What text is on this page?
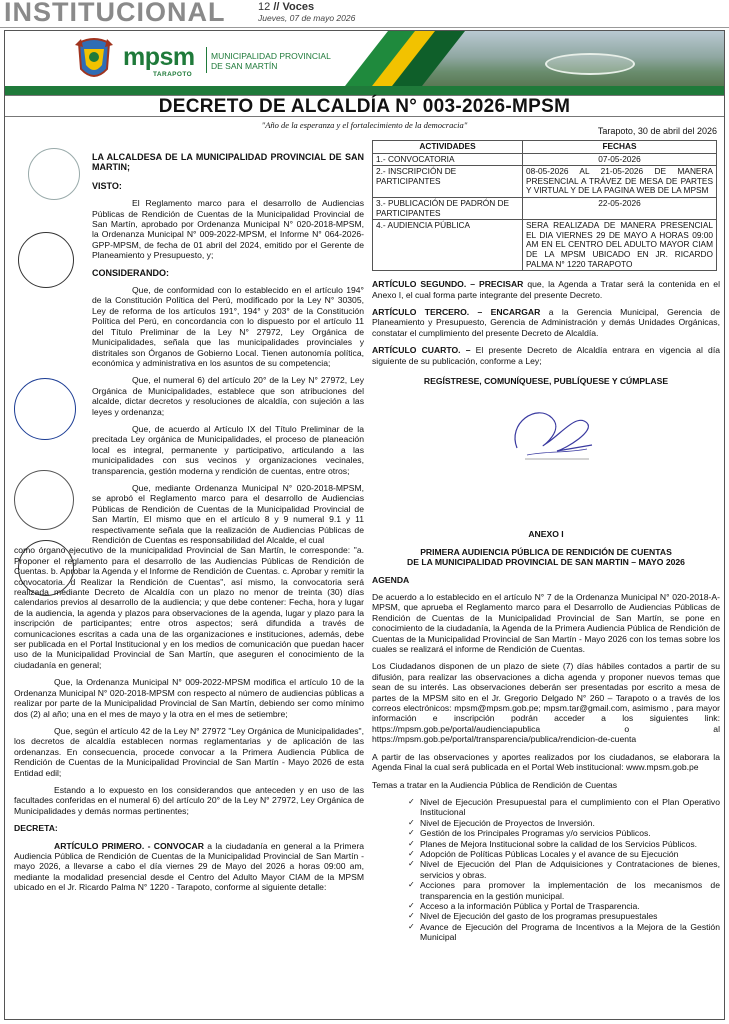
INSTITUCIONAL	12 // Voces
Jueves, 07 de mayo 2026
mpsm
TARAPOTO
MUNICIPALIDAD PROVINCIAL
DE SAN MARTÍN
DECRETO DE ALCALDÍA N° 003-2026-MPSM
"Año de la esperanza y el fortalecimiento de la democracia"
Tarapoto, 30 de abril del 2026

LA ALCALDESA DE LA MUNICIPALIDAD PROVINCIAL DE SAN MARTIN;

VISTO:

El Reglamento marco para el desarrollo de Audiencias Públicas de Rendición de Cuentas de la Municipalidad Provincial de San Martín, aprobado por Ordenanza Municipal N° 020-2018-MPSM, la Ordenanza Municipal N° 009-2022-MPSM, el Informe N° 064-2026-GPP-MPSM, de fecha de 01 abril del 2024, emitido por el Gerente de Planeamiento y Presupuesto, y;

CONSIDERANDO:

Que, de conformidad con lo establecido en el artículo 194° de la Constitución Política del Perú, modificado por la Ley N° 30305, Ley de reforma de los artículos 191°, 194° y 203° de la Constitución Política del Perú, en concordancia con lo dispuesto por el artículo 11 del Título Preliminar de la Ley N° 27972, Ley Orgánica de Municipalidades, señala que las municipalidades provinciales y distritales son Órganos de Gobierno Local. Tienen autonomía política, económica y administrativa en los asuntos de su competencia;

Que, el numeral 6) del artículo 20° de la Ley N° 27972, Ley Orgánica de Municipalidades, establece que son atribuciones del alcalde, dictar decretos y resoluciones de alcaldía, con sujeción a las leyes y ordenanza;

Que, de acuerdo al Artículo IX del Título Preliminar de la precitada Ley orgánica de Municipalidades, el proceso de planeación local es integral, permanente y participativo, articulando a las municipalidades con sus vecinos y organizaciones vecinales, transparencia, gestión moderna y rendición de cuentas, entre otros;

Que, mediante Ordenanza Municipal N° 020-2018-MPSM, se aprobó el Reglamento marco para el desarrollo de Audiencias Públicas de Rendición de Cuentas de la Municipalidad Provincial de San Martín, El mismo que en el artículo 8 y 9 numeral 9.1 y 11 respectivamente señala que la realización de Audiencias Públicas de Rendición de Cuentas es responsabilidad del Alcalde, el cual

como órgano ejecutivo de la municipalidad Provincial de San Martín, le corresponde: "a. Proponer el reglamento para el desarrollo de las Audiencias Públicas de Rendición de Cuentas. b. Aprobar la Agenda y el Informe de Rendición de Cuentas. c. Aprobar y remitir la convocatoria. d Realizar la Rendición de Cuentas", así mismo, la convocatoria será realizada mediante Decreto de Alcaldía con un plazo no menor de treinta (30) días calendarios previos al desarrollo de la audiencia; y que debe contener: Fecha, hora y lugar de la audiencia, la agenda y plazos para observaciones de la agenda, lugar y plazo para la inscripción de participantes; entre otros aspectos; será difundida a través de comunicaciones escritas a cada una de las organizaciones e instituciones, además, debe ser publicada en el Portal Institucional y en los medios de comunicación que puedan hacer uso de la Municipalidad Provincial de San Martín, que aseguren el conocimiento de la ciudadanía en general;

Que, la Ordenanza Municipal N° 009-2022-MPSM modifica el artículo 10 de la Ordenanza Municipal N° 020-2018-MPSM con respecto al número de audiencias públicas a realizar por parte de la Municipalidad Provincial de San Martín, debiendo ser como mínimo dos (2) al año; una en el mes de mayo y la otra en el mes de setiembre;

Que, según el artículo 42 de la Ley N° 27972 "Ley Orgánica de Municipalidades", los decretos de alcaldía establecen normas reglamentarias y de aplicación de las ordenanzas. En consecuencia, procede convocar a la Primera Audiencia Pública de Rendición de Cuentas de la Municipalidad Provincial de San Martín - Mayo 2026 de esta Entidad edil;

Estando a lo expuesto en los considerandos que anteceden y en uso de las facultades conferidas en el numeral 6) del artículo 20° de la Ley N° 27972, Ley Orgánica de Municipalidades y demás normas pertinentes;

DECRETA:

ARTÍCULO PRIMERO. - CONVOCAR a la ciudadanía en general a la Primera Audiencia Pública de Rendición de Cuentas de la Municipalidad Provincial de San Martín - mayo 2026, a llevarse a cabo el día viernes 29 de Mayo del 2026 a horas 09:00 am, mediante la modalidad presencial desde el Centro del Adulto Mayor CIAM de la MPSM ubicado en el Jr. Ricardo Palma N° 1220 - Tarapoto, conforme al siguiente detalle:

ACTIVIDADES	FECHAS
1.- CONVOCATORIA	07-05-2026
2.- INSCRIPCIÓN DE PARTICIPANTES	08-05-2026 AL 21-05-2026 DE MANERA PRESENCIAL A TRÁVEZ DE MESA DE PARTES Y VIRTUAL Y DE LA PAGINA WEB DE LA MPSM
3.- PUBLICACIÓN DE PADRÓN DE PARTICIPANTES	22-05-2026
4.- AUDIENCIA PÚBLICA	SERA REALIZADA DE MANERA PRESENCIAL EL DIA VIERNES 29 DE MAYO A HORAS 09:00 AM EN EL CENTRO DEL ADULTO MAYOR CIAM DE LA MPSM UBICADO EN JR. RICARDO PALMA N° 1220 TARAPOTO

ARTÍCULO SEGUNDO. – PRECISAR que, la Agenda a Tratar será la contenida en el Anexo I, el cual forma parte integrante del presente Decreto.

ARTÍCULO TERCERO. – ENCARGAR a la Gerencia Municipal, Gerencia de Planeamiento y Presupuesto, Gerencia de Administración y demás Unidades Orgánicas, constatar el cumplimiento del presente Decreto de Alcaldía.

ARTÍCULO CUARTO. – El presente Decreto de Alcaldía entrara en vigencia al día siguiente de su publicación, conforme a Ley;

REGÍSTRESE, COMUNÍQUESE, PUBLÍQUESE Y CÚMPLASE

ANEXO I

PRIMERA AUDIENCIA PÚBLICA DE RENDICIÓN DE CUENTAS

DE LA MUNICIPALIDAD PROVINCIAL DE SAN MARTIN – MAYO 2026

AGENDA

De acuerdo a lo establecido en el artículo N° 7 de la Ordenanza Municipal N° 020-2018-A-MPSM, que aprueba el Reglamento marco para el Desarrollo de Audiencias Públicas de Rendición de Cuentas de la Municipalidad Provincial de San Martín, se pone en conocimiento de la ciudadanía, la Agenda de la Primera Audiencia Pública de Rendición de Cuentas de la Municipalidad Provincial de San Martín - Mayo 2026 con los temas sobre los cuales se realizará el informe de Rendición de Cuentas.

Los Ciudadanos disponen de un plazo de siete (7) días hábiles contados a partir de su difusión, para realizar las observaciones a dicha agenda y proponer nuevos temas que sean de su interés. Las observaciones deberán ser presentadas por escrito a mesa de partes de la MPSM sito en el Jr. Gregorio Delgado N° 260 – Tarapoto o a través de los correos electrónicos: mpsm@mpsm.gob.pe; mpsm.tar@gmail.com, asimismo , para mayor información e inscripción podrán acceder a los siguientes link: https://mpsm.gob.pe/portal/audienciapublica o al https://mpsm.gob.pe/portal/transparencia/publica/rendicion-de-cuenta

A partir de las observaciones y aportes realizados por los ciudadanos, se elaborara la Agenda Final la cual será publicada en el Portal Web institucional: www.mpsm.gob.pe

Temas a tratar en la Audiencia Pública de Rendición de Cuentas

✓ Nivel de Ejecución Presupuestal para el cumplimiento con el Plan Operativo Institucional
✓ Nivel de Ejecución de Proyectos de Inversión.
✓ Gestión de los Principales Programas y/o servicios Públicos.
✓ Planes de Mejora Institucional sobre la calidad de los Servicios Públicos.
✓ Adopción de Políticas Públicas Locales y el avance de su Ejecución
✓ Nivel de Ejecución del Plan de Adquisiciones y Contrataciones de bienes, servicios y obras.
✓ Acciones para promover la implementación de los mecanismos de transparencia en la gestión municipal.
✓ Acceso a la información Pública y Portal de Trasparencia.
✓ Nivel de Ejecución del gasto de los programas presupuestales
✓ Avance de Ejecución del Programa de Incentivos a la Mejora de la Gestión Municipal
